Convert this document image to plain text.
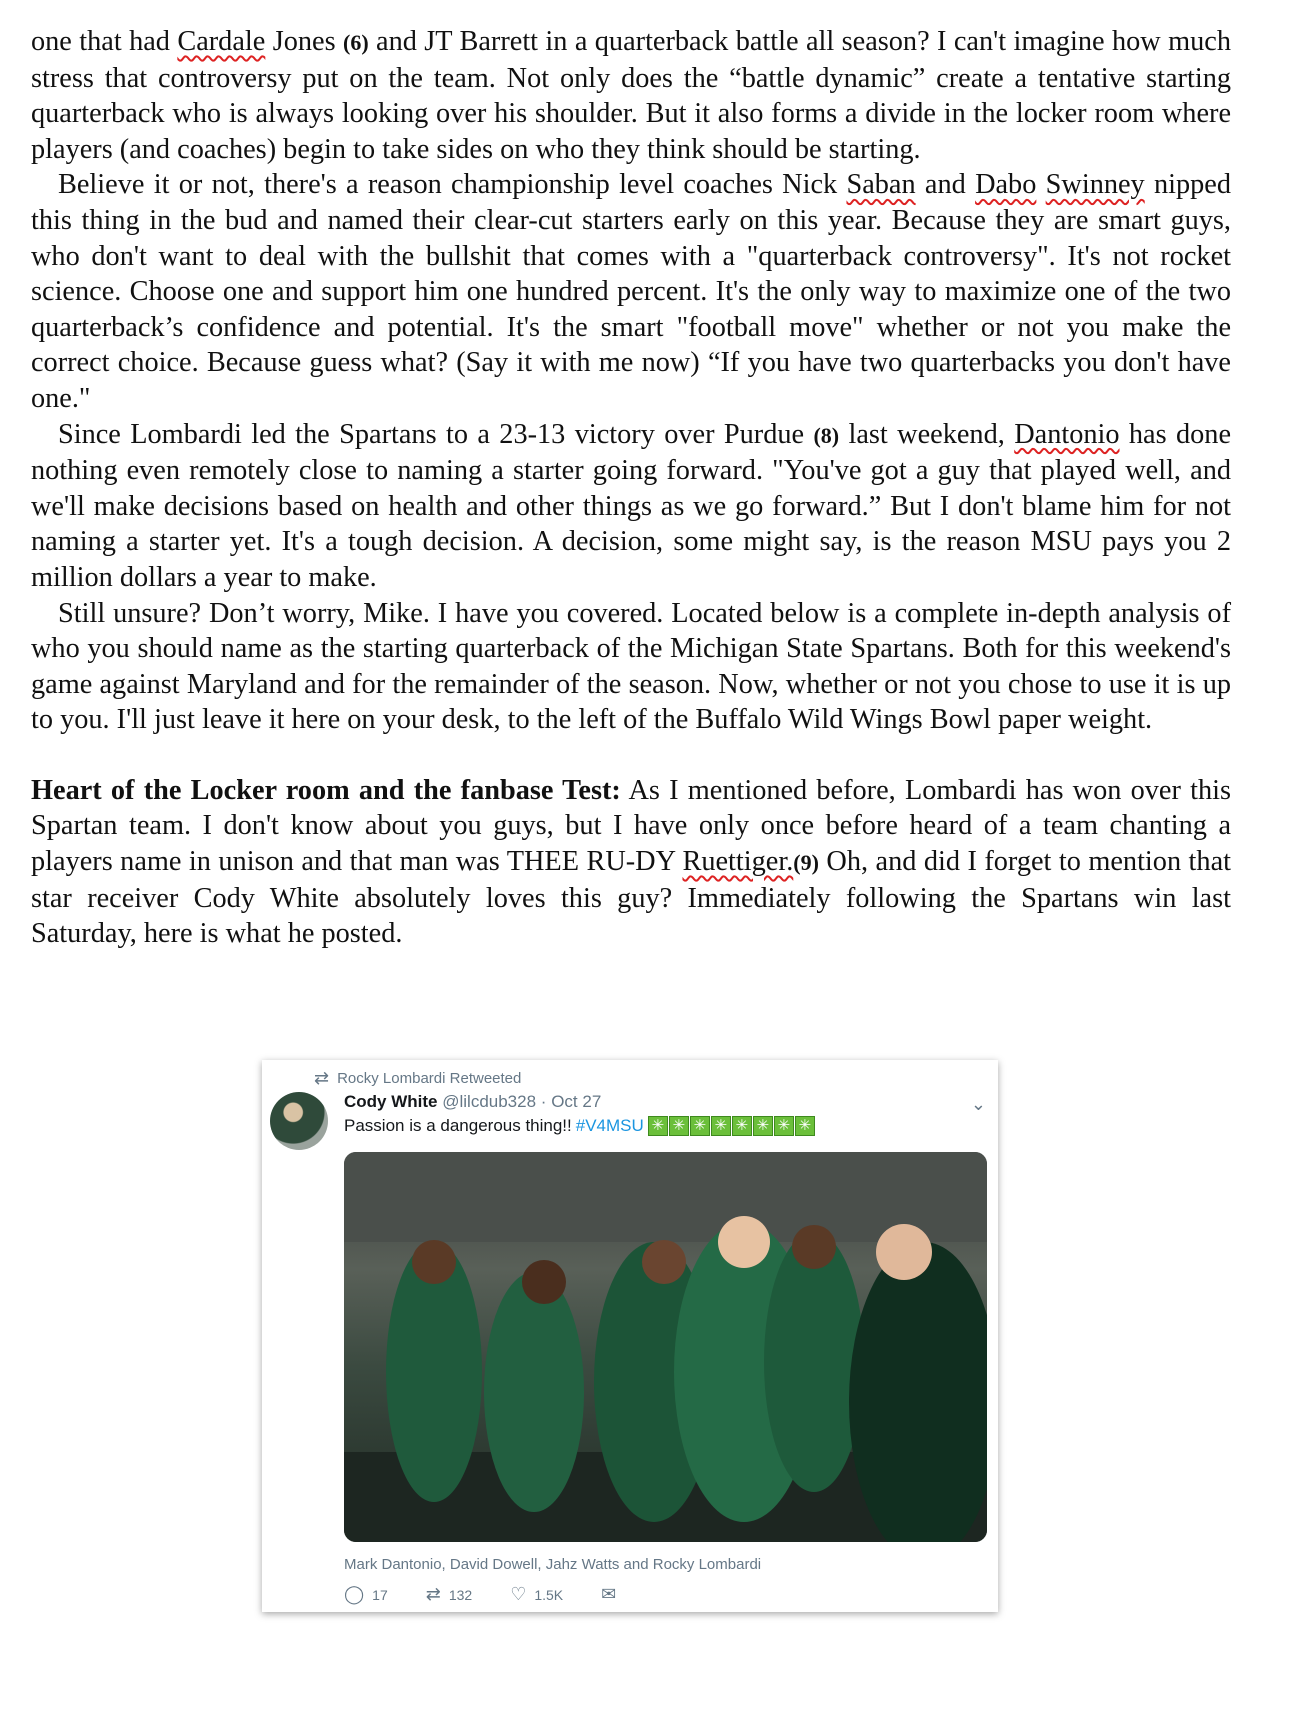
one that had Cardale Jones (6) and JT Barrett in a quarterback battle all season? I can't imagine how much stress that controversy put on the team. Not only does the “battle dynamic” create a tentative starting quarterback who is always looking over his shoulder. But it also forms a divide in the locker room where players (and coaches) begin to take sides on who they think should be starting.

Believe it or not, there's a reason championship level coaches Nick Saban and Dabo Swinney nipped this thing in the bud and named their clear-cut starters early on this year. Because they are smart guys, who don't want to deal with the bullshit that comes with a "quarterback controversy". It's not rocket science. Choose one and support him one hundred percent. It's the only way to maximize one of the two quarterback’s confidence and potential. It's the smart "football move" whether or not you make the correct choice. Because guess what? (Say it with me now) “If you have two quarterbacks you don't have one."

Since Lombardi led the Spartans to a 23-13 victory over Purdue (8) last weekend, Dantonio has done nothing even remotely close to naming a starter going forward. "You've got a guy that played well, and we'll make decisions based on health and other things as we go forward.” But I don't blame him for not naming a starter yet. It's a tough decision. A decision, some might say, is the reason MSU pays you 2 million dollars a year to make.

Still unsure? Don’t worry, Mike. I have you covered. Located below is a complete in-depth analysis of who you should name as the starting quarterback of the Michigan State Spartans. Both for this weekend's game against Maryland and for the remainder of the season. Now, whether or not you chose to use it is up to you. I'll just leave it here on your desk, to the left of the Buffalo Wild Wings Bowl paper weight.

Heart of the Locker room and the fanbase Test: As I mentioned before, Lombardi has won over this Spartan team. I don't know about you guys, but I have only once before heard of a team chanting a players name in unison and that man was THEE RU-DY Ruettiger.(9) Oh, and did I forget to mention that star receiver Cody White absolutely loves this guy? Immediately following the Spartans win last Saturday, here is what he posted.

⇄ Rocky Lombardi Retweeted
Cody White @lilcdub328 · Oct 27	⌄
Passion is a dangerous thing!! #V4MSU ✳ ✳ ✳ ✳ ✳ ✳ ✳ ✳
Mark Dantonio, David Dowell, Jahz Watts and Rocky Lombardi
◯ 17 ⇄ 132 ♡ 1.5K ✉
